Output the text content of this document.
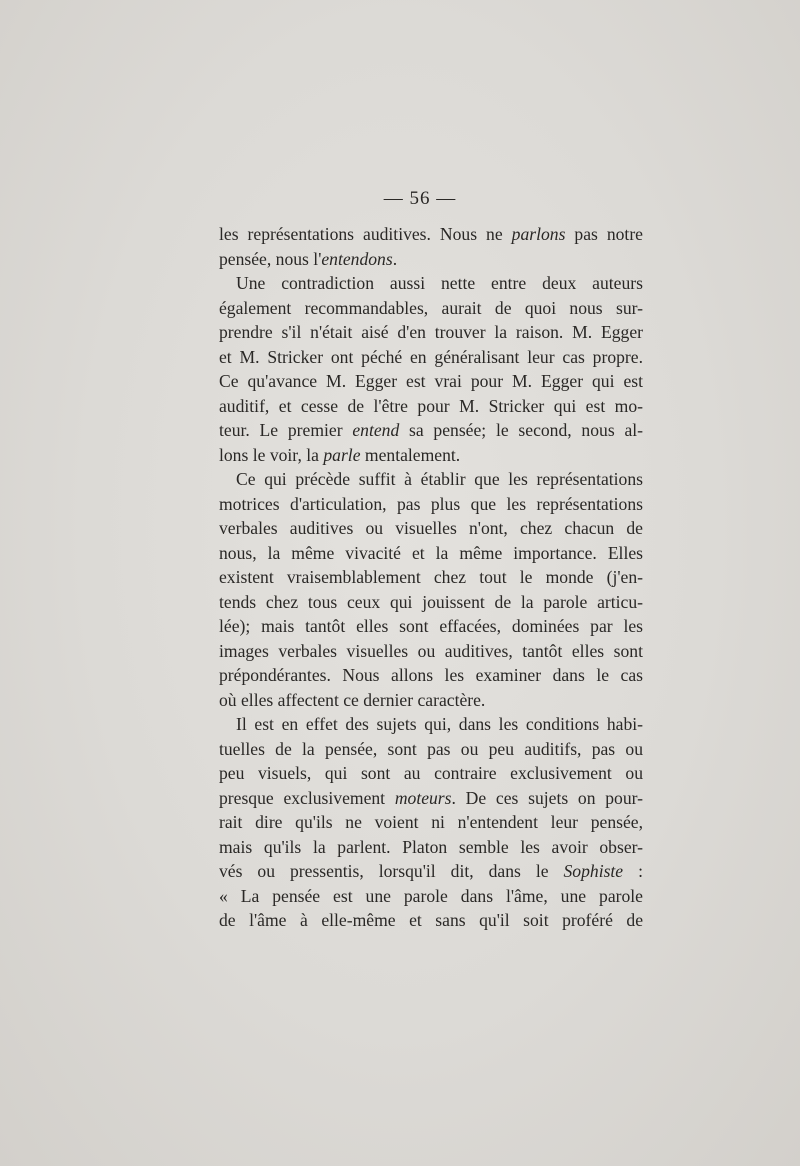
— 56 —
les représentations auditives. Nous ne parlons pas notre
pensée, nous l'entendons.
Une contradiction aussi nette entre deux auteurs
également recommandables, aurait de quoi nous sur-
prendre s'il n'était aisé d'en trouver la raison. M. Egger
et M. Stricker ont péché en généralisant leur cas propre.
Ce qu'avance M. Egger est vrai pour M. Egger qui est
auditif, et cesse de l'être pour M. Stricker qui est mo-
teur. Le premier entend sa pensée; le second, nous al-
lons le voir, la parle mentalement.
Ce qui précède suffit à établir que les représentations
motrices d'articulation, pas plus que les représentations
verbales auditives ou visuelles n'ont, chez chacun de
nous, la même vivacité et la même importance. Elles
existent vraisemblablement chez tout le monde (j'en-
tends chez tous ceux qui jouissent de la parole articu-
lée); mais tantôt elles sont effacées, dominées par les
images verbales visuelles ou auditives, tantôt elles sont
prépondérantes. Nous allons les examiner dans le cas
où elles affectent ce dernier caractère.
Il est en effet des sujets qui, dans les conditions habi-
tuelles de la pensée, sont pas ou peu auditifs, pas ou
peu visuels, qui sont au contraire exclusivement ou
presque exclusivement moteurs. De ces sujets on pour-
rait dire qu'ils ne voient ni n'entendent leur pensée,
mais qu'ils la parlent. Platon semble les avoir obser-
vés ou pressentis, lorsqu'il dit, dans le Sophiste :
« La pensée est une parole dans l'âme, une parole
de l'âme à elle-même et sans qu'il soit proféré de
